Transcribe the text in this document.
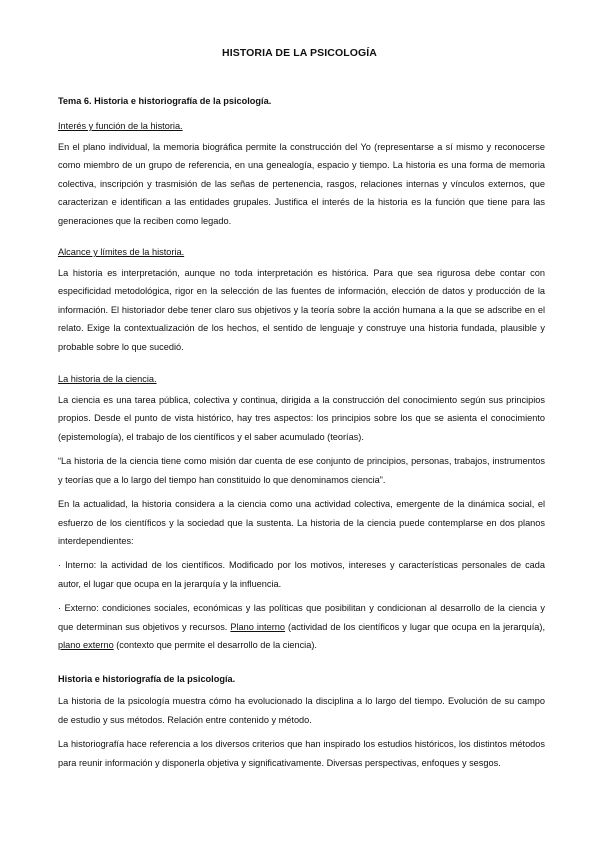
HISTORIA DE LA PSICOLOGÍA
Tema 6. Historia e historiografía de la psicología.
Interés y función de la historia.

En el plano individual, la memoria biográfica permite la construcción del Yo (representarse a sí mismo y reconocerse como miembro de un grupo de referencia, en una genealogía, espacio y tiempo. La historia es una forma de memoria colectiva, inscripción y trasmisión de las señas de pertenencia, rasgos, relaciones internas y vínculos externos, que caracterizan e identifican a las entidades grupales. Justifica el interés de la historia es la función que tiene para las generaciones que la reciben como legado.

Alcance y límites de la historia.

La historia es interpretación, aunque no toda interpretación es histórica. Para que sea rigurosa debe contar con especificidad metodológica, rigor en la selección de las fuentes de información, elección de datos y producción de la información. El historiador debe tener claro sus objetivos y la teoría sobre la acción humana a la que se adscribe en el relato. Exige la contextualización de los hechos, el sentido de lenguaje y construye una historia fundada, plausible y probable sobre lo que sucedió.

La historia de la ciencia.

La ciencia es una tarea pública, colectiva y continua, dirigida a la construcción del conocimiento según sus principios propios. Desde el punto de vista histórico, hay tres aspectos: los principios sobre los que se asienta el conocimiento (epistemología), el trabajo de los científicos y el saber acumulado (teorías).

“La historia de la ciencia tiene como misión dar cuenta de ese conjunto de principios, personas, trabajos, instrumentos y teorías que a lo largo del tiempo han constituido lo que denominamos ciencia”.

En la actualidad, la historia considera a la ciencia como una actividad colectiva, emergente de la dinámica social, el esfuerzo de los científicos y la sociedad que la sustenta. La historia de la ciencia puede contemplarse en dos planos interdependientes:

· Interno: la actividad de los científicos. Modificado por los motivos, intereses y características personales de cada autor, el lugar que ocupa en la jerarquía y la influencia.

· Externo: condiciones sociales, económicas y las políticas que posibilitan y condicionan al desarrollo de la ciencia y que determinan sus objetivos y recursos. Plano interno (actividad de los científicos y lugar que ocupa en la jerarquía), plano externo (contexto que permite el desarrollo de la ciencia).

Historia e historiografía de la psicología.

La historia de la psicología muestra cómo ha evolucionado la disciplina a lo largo del tiempo. Evolución de su campo de estudio y sus métodos. Relación entre contenido y método.

La historiografía hace referencia a los diversos criterios que han inspirado los estudios históricos, los distintos métodos para reunir información y disponerla objetiva y significativamente. Diversas perspectivas, enfoques y sesgos.
